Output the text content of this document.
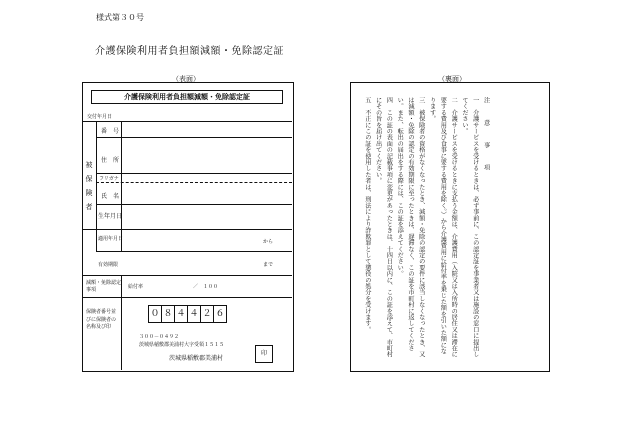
様式第３０号
介護保険利用者負担額減額・免除認定証
（表面）	（裏面）
介護保険利用者負担額減額・免除認定証
交付年月日
被保険者
番　号
住　所
フリガナ
氏　名
生年月日
適用年月日	から
有効期限	まで
減額・免除認定事項	給付率	／　１００
保険者番号並びに保険者の名称及び印
０ ８ ４ ４ ２ ６
３００－０４９２
茨城県稲敷郡美浦村大字受領１５１５
茨城県稲敷郡美浦村
印

注　意　事　項

一　介護サービスを受けるときは、必ず事前に、この認定証を事業者又は施設の窓口に提出してください。

二　介護サービスを受けるときに支払う金額は、介護費用（入院又は入所時の居住又は滞在に要する費用及び食事に要する費用を除く。）から介護費用に給付率を乗じた額を引いた額になります。

三　被保険者の資格がなくなったとき、減額・免除の認定の要件に該当しなくなったとき、又は減額・免除の認定の有効期限に至ったときは、遅滞なく、この証を市町村に返してください。また、転出の届出をする際には、この証を添えてください。

四　この証の表面の記載事項に変更があったときは、十四日以内に、この証を添えて、市町村にその旨を届け出てください。

五　不正にこの証を使用した者は、刑法により詐欺罪として懲役の処分を受けます。
